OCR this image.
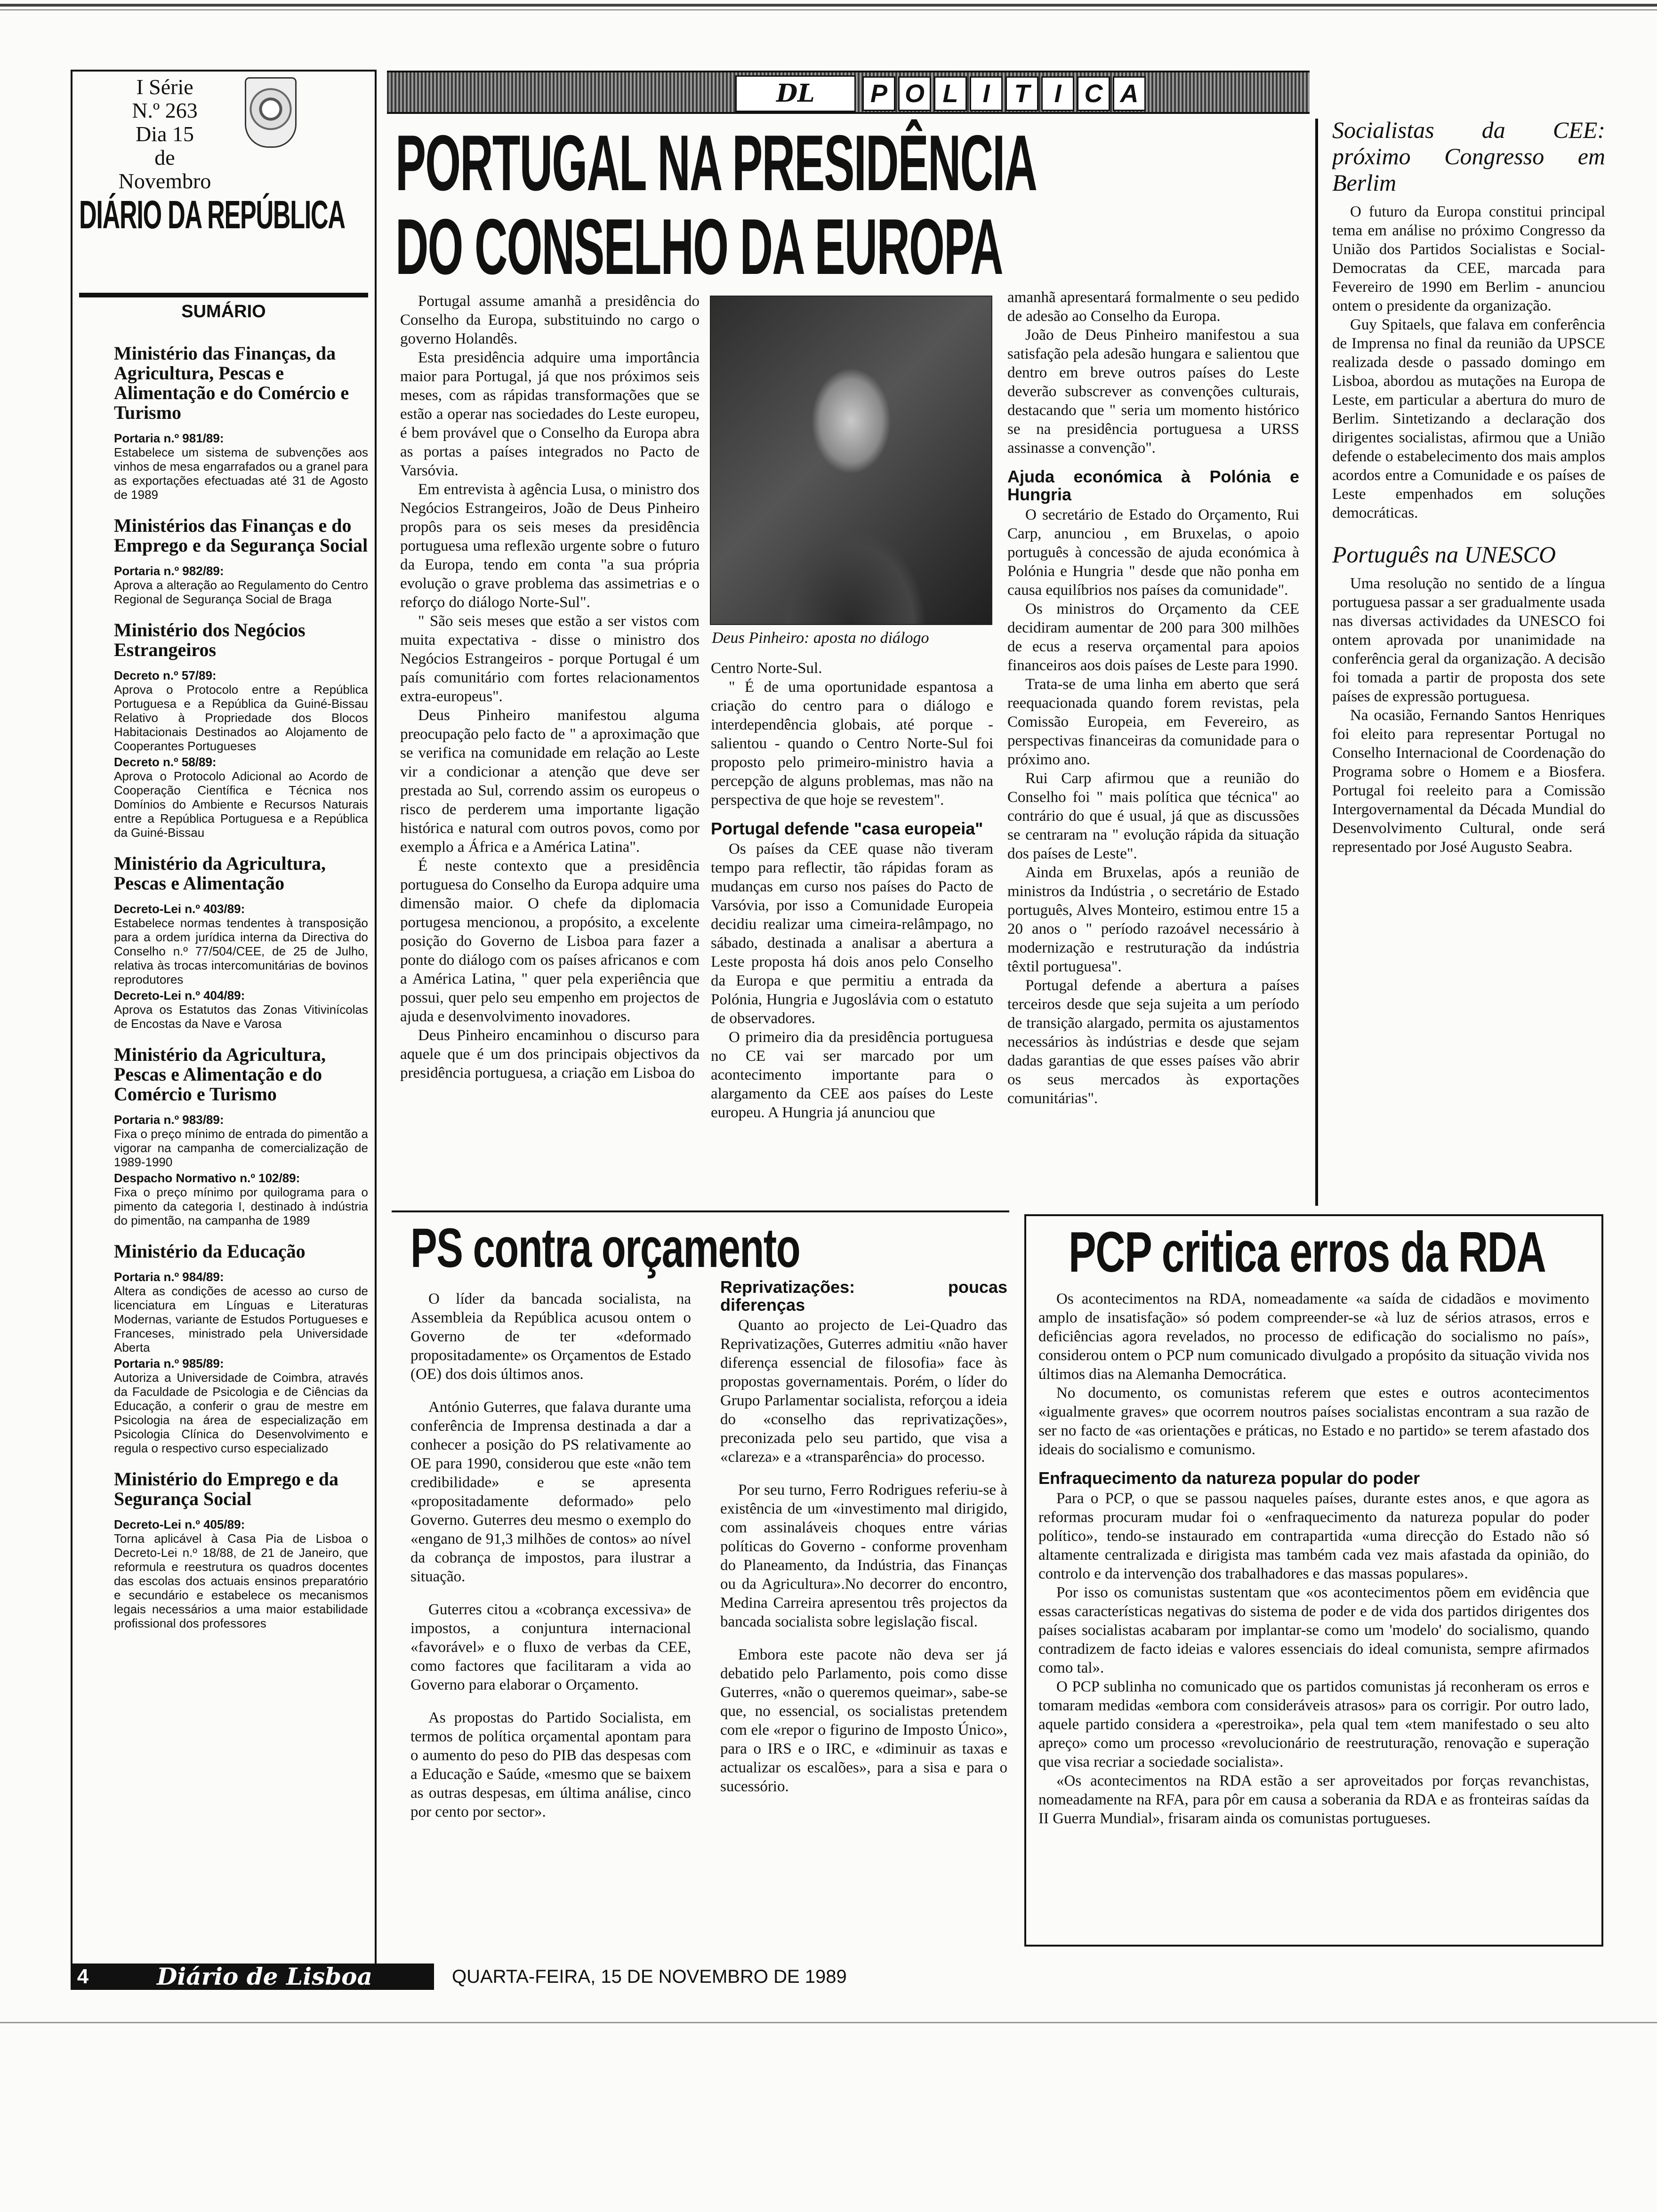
I Série
N.º 263
Dia 15
de
Novembro
DIÁRIO DA REPÚBLICA
SUMÁRIO
Ministério das Finanças, da Agricultura, Pescas e Alimentação e do Comércio e Turismo

Portaria n.º 981/89:

Estabelece um sistema de subvenções aos vinhos de mesa engarrafados ou a granel para as exportações efectuadas até 31 de Agosto de 1989

Ministérios das Finanças e do Emprego e da Segurança Social

Portaria n.º 982/89:

Aprova a alteração ao Regulamento do Centro Regional de Segurança Social de Braga

Ministério dos Negócios Estrangeiros

Decreto n.º 57/89:

Aprova o Protocolo entre a República Portuguesa e a República da Guiné-Bissau Relativo à Propriedade dos Blocos Habitacionais Destinados ao Alojamento de Cooperantes Portugueses

Decreto n.º 58/89:

Aprova o Protocolo Adicional ao Acordo de Cooperação Científica e Técnica nos Domínios do Ambiente e Recursos Naturais entre a República Portuguesa e a República da Guiné-Bissau

Ministério da Agricultura, Pescas e Alimentação

Decreto-Lei n.º 403/89:

Estabelece normas tendentes à transposição para a ordem jurídica interna da Directiva do Conselho n.º 77/504/CEE, de 25 de Julho, relativa às trocas intercomunitárias de bovinos reprodutores

Decreto-Lei n.º 404/89:

Aprova os Estatutos das Zonas Vitivinícolas de Encostas da Nave e Varosa

Ministério da Agricultura, Pescas e Alimentação e do Comércio e Turismo

Portaria n.º 983/89:

Fixa o preço mínimo de entrada do pimentão a vigorar na campanha de comercialização de 1989-1990

Despacho Normativo n.º 102/89:

Fixa o preço mínimo por quilograma para o pimento da categoria I, destinado à indústria do pimentão, na campanha de 1989

Ministério da Educação

Portaria n.º 984/89:

Altera as condições de acesso ao curso de licenciatura em Línguas e Literaturas Modernas, variante de Estudos Portugueses e Franceses, ministrado pela Universidade Aberta

Portaria n.º 985/89:

Autoriza a Universidade de Coimbra, através da Faculdade de Psicologia e de Ciências da Educação, a conferir o grau de mestre em Psicologia na área de especialização em Psicologia Clínica do Desenvolvimento e regula o respectivo curso especializado

Ministério do Emprego e da Segurança Social

Decreto-Lei n.º 405/89:

Torna aplicável à Casa Pia de Lisboa o Decreto-Lei n.º 18/88, de 21 de Janeiro, que reformula e reestrutura os quadros docentes das escolas dos actuais ensinos preparatório e secundário e estabelece os mecanismos legais necessários a uma maior estabilidade profissional dos professores

DL	P O L I T I C A
PORTUGAL NA PRESIDÊNCIA
DO CONSELHO DA EUROPA

Portugal assume amanhã a presidência do Conselho da Europa, substituindo no cargo o governo Holandês.

Esta presidência adquire uma importância maior para Portugal, já que nos próximos seis meses, com as rápidas transformações que se estão a operar nas sociedades do Leste europeu, é bem provável que o Conselho da Europa abra as portas a países integrados no Pacto de Varsóvia.

Em entrevista à agência Lusa, o ministro dos Negócios Estrangeiros, João de Deus Pinheiro propôs para os seis meses da presidência portuguesa uma reflexão urgente sobre o futuro da Europa, tendo em conta "a sua própria evolução o grave problema das assimetrias e o reforço do diálogo Norte-Sul".

" São seis meses que estão a ser vistos com muita expectativa - disse o ministro dos Negócios Estrangeiros - porque Portugal é um país comunitário com fortes relacionamentos extra-europeus".

Deus Pinheiro manifestou alguma preocupação pelo facto de " a aproximação que se verifica na comunidade em relação ao Leste vir a condicionar a atenção que deve ser prestada ao Sul, correndo assim os europeus o risco de perderem uma importante ligação histórica e natural com outros povos, como por exemplo a África e a América Latina".

É neste contexto que a presidência portuguesa do Conselho da Europa adquire uma dimensão maior. O chefe da diplomacia portugesa mencionou, a propósito, a excelente posição do Governo de Lisboa para fazer a ponte do diálogo com os países africanos e com a América Latina, " quer pela experiência que possui, quer pelo seu empenho em projectos de ajuda e desenvolvimento inovadores.

Deus Pinheiro encaminhou o discurso para aquele que é um dos principais objectivos da presidência portuguesa, a criação em Lisboa do

Deus Pinheiro: aposta no diálogo

Centro Norte-Sul.

" É de uma oportunidade espantosa a criação do centro para o diálogo e interdependência globais, até porque - salientou - quando o Centro Norte-Sul foi proposto pelo primeiro-ministro havia a percepção de alguns problemas, mas não na perspectiva de que hoje se revestem".

Portugal defende "casa europeia"

Os países da CEE quase não tiveram tempo para reflectir, tão rápidas foram as mudanças em curso nos países do Pacto de Varsóvia, por isso a Comunidade Europeia decidiu realizar uma cimeira-relâmpago, no sábado, destinada a analisar a abertura a Leste proposta há dois anos pelo Conselho da Europa e que permitiu a entrada da Polónia, Hungria e Jugoslávia com o estatuto de observadores.

O primeiro dia da presidência portuguesa no CE vai ser marcado por um acontecimento importante para o alargamento da CEE aos países do Leste europeu. A Hungria já anunciou que

amanhã apresentará formalmente o seu pedido de adesão ao Conselho da Europa.

João de Deus Pinheiro manifestou a sua satisfação pela adesão hungara e salientou que dentro em breve outros países do Leste deverão subscrever as convenções culturais, destacando que " seria um momento histórico se na presidência portuguesa a URSS assinasse a convenção".

Ajuda económica à Polónia e Hungria

O secretário de Estado do Orçamento, Rui Carp, anunciou , em Bruxelas, o apoio português à concessão de ajuda económica à Polónia e Hungria " desde que não ponha em causa equilíbrios nos países da comunidade".

Os ministros do Orçamento da CEE decidiram aumentar de 200 para 300 milhões de ecus a reserva orçamental para apoios financeiros aos dois países de Leste para 1990.

Trata-se de uma linha em aberto que será reequacionada quando forem revistas, pela Comissão Europeia, em Fevereiro, as perspectivas financeiras da comunidade para o próximo ano.

Rui Carp afirmou que a reunião do Conselho foi " mais política que técnica" ao contrário do que é usual, já que as discussões se centraram na " evolução rápida da situação dos países de Leste".

Ainda em Bruxelas, após a reunião de ministros da Indústria , o secretário de Estado português, Alves Monteiro, estimou entre 15 a 20 anos o " período razoável necessário à modernização e restruturação da indústria têxtil portuguesa".

Portugal defende a abertura a países terceiros desde que seja sujeita a um período de transição alargado, permita os ajustamentos necessários às indústrias e desde que sejam dadas garantias de que esses países vão abrir os seus mercados às exportações comunitárias".

Socialistas da CEE: próximo Congresso em Berlim

O futuro da Europa constitui principal tema em análise no próximo Congresso da União dos Partidos Socialistas e Social-Democratas da CEE, marcada para Fevereiro de 1990 em Berlim - anunciou ontem o presidente da organização.

Guy Spitaels, que falava em conferência de Imprensa no final da reunião da UPSCE realizada desde o passado domingo em Lisboa, abordou as mutações na Europa de Leste, em particular a abertura do muro de Berlim. Sintetizando a declaração dos dirigentes socialistas, afirmou que a União defende o estabelecimento dos mais amplos acordos entre a Comunidade e os países de Leste empenhados em soluções democráticas.

Português na UNESCO

Uma resolução no sentido de a língua portuguesa passar a ser gradualmente usada nas diversas actividades da UNESCO foi ontem aprovada por unanimidade na conferência geral da organização. A decisão foi tomada a partir de proposta dos sete países de expressão portuguesa.

Na ocasião, Fernando Santos Henriques foi eleito para representar Portugal no Conselho Internacional de Coordenação do Programa sobre o Homem e a Biosfera. Portugal foi reeleito para a Comissão Intergovernamental da Década Mundial do Desenvolvimento Cultural, onde será representado por José Augusto Seabra.

PS contra orçamento

O líder da bancada socialista, na Assembleia da República acusou ontem o Governo de ter «deformado propositadamente» os Orçamentos de Estado (OE) dos dois últimos anos.

António Guterres, que falava durante uma conferência de Imprensa destinada a dar a conhecer a posição do PS relativamente ao OE para 1990, considerou que este «não tem credibilidade» e se apresenta «propositadamente deformado» pelo Governo. Guterres deu mesmo o exemplo do «engano de 91,3 milhões de contos» ao nível da cobrança de impostos, para ilustrar a situação.

Guterres citou a «cobrança excessiva» de impostos, a conjuntura internacional «favorável» e o fluxo de verbas da CEE, como factores que facilitaram a vida ao Governo para elaborar o Orçamento.

As propostas do Partido Socialista, em termos de política orçamental apontam para o aumento do peso do PIB das despesas com a Educação e Saúde, «mesmo que se baixem as outras despesas, em última análise, cinco por cento por sector».

Reprivatizações: poucas diferenças

Quanto ao projecto de Lei-Quadro das Reprivatizações, Guterres admitiu «não haver diferença essencial de filosofia» face às propostas governamentais. Porém, o líder do Grupo Parlamentar socialista, reforçou a ideia do «conselho das reprivatizações», preconizada pelo seu partido, que visa a «clareza» e a «transparência» do processo.

Por seu turno, Ferro Rodrigues referiu-se à existência de um «investimento mal dirigido, com assinaláveis choques entre várias políticas do Governo - conforme provenham do Planeamento, da Indústria, das Finanças ou da Agricultura».No decorrer do encontro, Medina Carreira apresentou três projectos da bancada socialista sobre legislação fiscal.

Embora este pacote não deva ser já debatido pelo Parlamento, pois como disse Guterres, «não o queremos queimar», sabe-se que, no essencial, os socialistas pretendem com ele «repor o figurino de Imposto Único», para o IRS e o IRC, e «diminuir as taxas e actualizar os escalões», para a sisa e para o sucessório.

PCP critica erros da RDA

Os acontecimentos na RDA, nomeadamente «a saída de cidadãos e movimento amplo de insatisfação» só podem compreender-se «à luz de sérios atrasos, erros e deficiências agora revelados, no processo de edificação do socialismo no país», considerou ontem o PCP num comunicado divulgado a propósito da situação vivida nos últimos dias na Alemanha Democrática.

No documento, os comunistas referem que estes e outros acontecimentos «igualmente graves» que ocorrem noutros países socialistas encontram a sua razão de ser no facto de «as orientações e práticas, no Estado e no partido» se terem afastado dos ideais do socialismo e comunismo.

Enfraquecimento da natureza popular do poder

Para o PCP, o que se passou naqueles países, durante estes anos, e que agora as reformas procuram mudar foi o «enfraquecimento da natureza popular do poder político», tendo-se instaurado em contrapartida «uma direcção do Estado não só altamente centralizada e dirigista mas também cada vez mais afastada da opinião, do controlo e da intervenção dos trabalhadores e das massas populares».

Por isso os comunistas sustentam que «os acontecimentos põem em evidência que essas características negativas do sistema de poder e de vida dos partidos dirigentes dos países socialistas acabaram por implantar-se como um 'modelo' do socialismo, quando contradizem de facto ideias e valores essenciais do ideal comunista, sempre afirmados como tal».

O PCP sublinha no comunicado que os partidos comunistas já reconheram os erros e tomaram medidas «embora com consideráveis atrasos» para os corrigir. Por outro lado, aquele partido considera a «perestroika», pela qual tem «tem manifestado o seu alto apreço» como um processo «revolucionário de reestruturação, renovação e superação que visa recriar a sociedade socialista».

«Os acontecimentos na RDA estão a ser aproveitados por forças revanchistas, nomeadamente na RFA, para pôr em causa a soberania da RDA e as fronteiras saídas da II Guerra Mundial», frisaram ainda os comunistas portugueses.

4	Diário de Lisboa	QUARTA-FEIRA, 15 DE NOVEMBRO DE 1989
